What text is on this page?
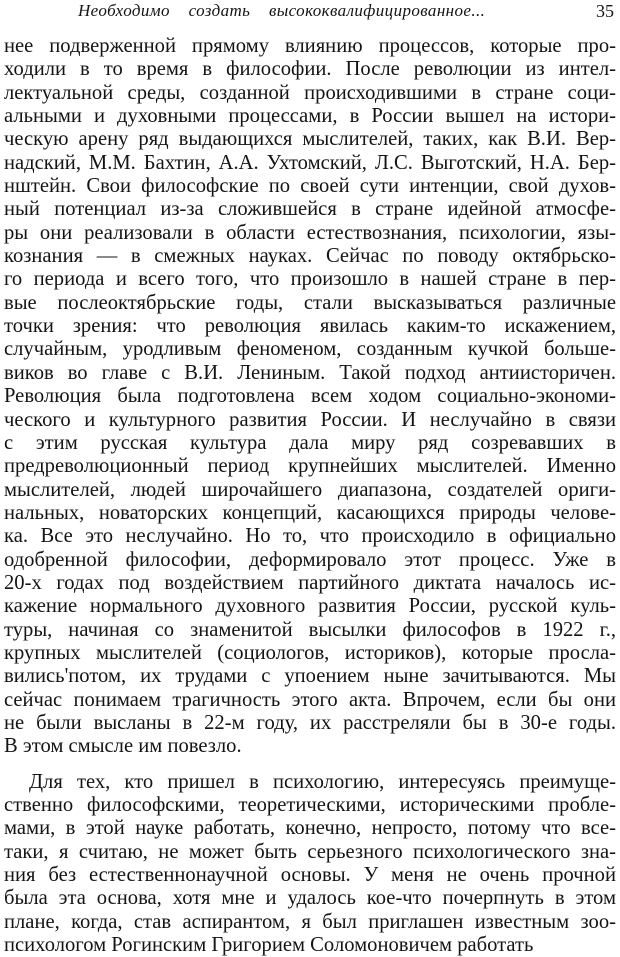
Необходимо создать высококвалифицированное...	35
нее подверженной прямому влиянию процессов, которые про-
ходили в то время в философии. После революции из интел-
лектуальной среды, созданной происходившими в стране соци-
альными и духовными процессами, в России вышел на истори-
ческую арену ряд выдающихся мыслителей, таких, как В.И. Вер-
надский, М.М. Бахтин, А.А. Ухтомский, Л.С. Выготский, Н.А. Бер-
нштейн. Свои философские по своей сути интенции, свой духов-
ный потенциал из-за сложившейся в стране идейной атмосфе-
ры они реализовали в области естествознания, психологии, язы-
кознания — в смежных науках. Сейчас по поводу октябрьско-
го периода и всего того, что произошло в нашей стране в пер-
вые послеоктябрьские годы, стали высказываться различные
точки зрения: что революция явилась каким-то искажением,
случайным, уродливым феноменом, созданным кучкой больше-
виков во главе с В.И. Лениным. Такой подход антиисторичен.
Революция была подготовлена всем ходом социально-экономи-
ческого и культурного развития России. И неслучайно в связи
с этим русская культура дала миру ряд созревавших в
предреволюционный период крупнейших мыслителей. Именно
мыслителей, людей широчайшего диапазона, создателей ориги-
нальных, новаторских концепций, касающихся природы челове-
ка. Все это неслучайно. Но то, что происходило в официально
одобренной философии, деформировало этот процесс. Уже в
20-х годах под воздействием партийного диктата началось ис-
кажение нормального духовного развития России, русской куль-
туры, начиная со знаменитой высылки философов в 1922 г.,
крупных мыслителей (социологов, историков), которые просла-
вились'потом, их трудами с упоением ныне зачитываются. Мы
сейчас понимаем трагичность этого акта. Впрочем, если бы они
не были высланы в 22-м году, их расстреляли бы в 30-е годы.
В этом смысле им повезло.
Для тех, кто пришел в психологию, интересуясь преимуще-
ственно философскими, теоретическими, историческими пробле-
мами, в этой науке работать, конечно, непросто, потому что все-
таки, я считаю, не может быть серьезного психологического зна-
ния без естественнонаучной основы. У меня не очень прочной
была эта основа, хотя мне и удалось кое-что почерпнуть в этом
плане, когда, став аспирантом, я был приглашен известным зоо-
психологом Рогинским Григорием Соломоновичем работать
